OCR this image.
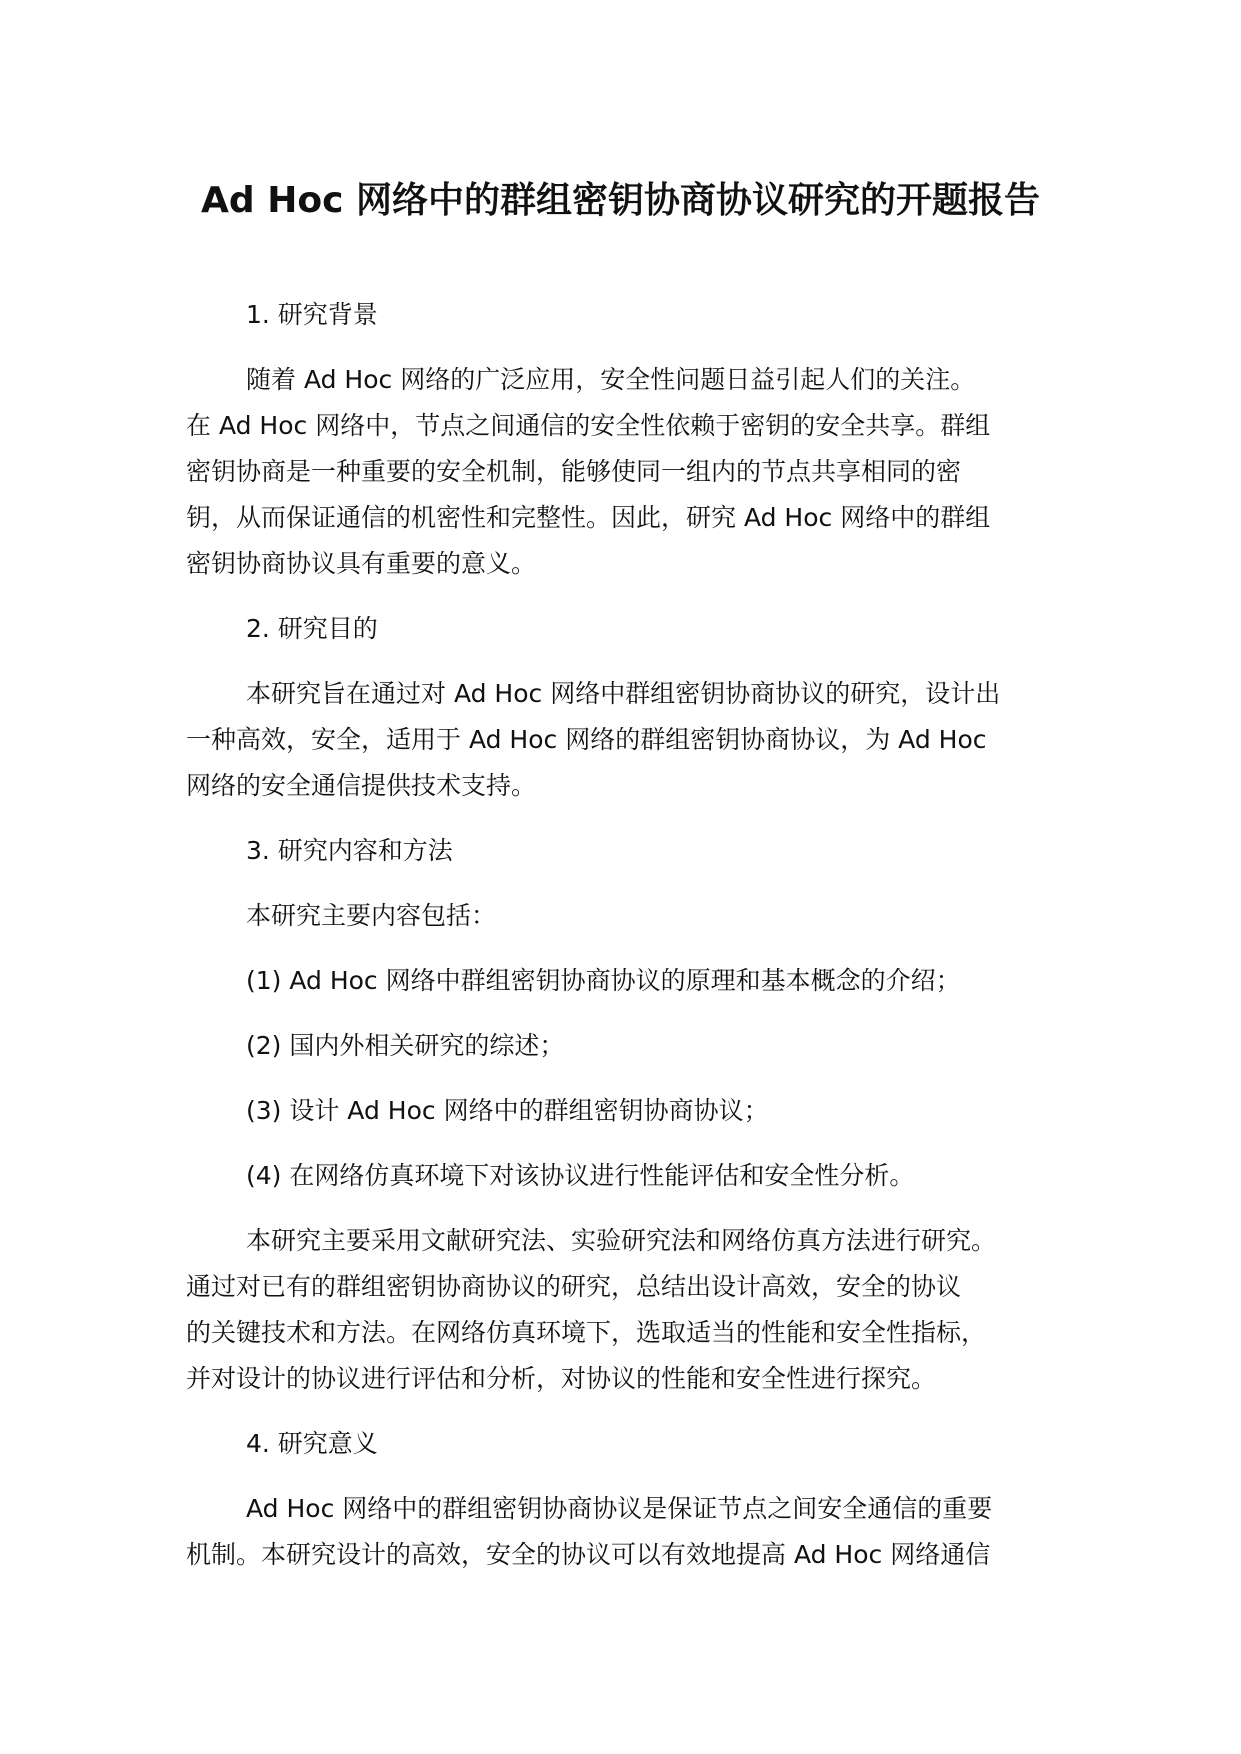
Ad Hoc 网络中的群组密钥协商协议研究的开题报告

1. 研究背景

随着 Ad Hoc 网络的广泛应用，安全性问题日益引起人们的关注。
在 Ad Hoc 网络中，节点之间通信的安全性依赖于密钥的安全共享。群组
密钥协商是一种重要的安全机制，能够使同一组内的节点共享相同的密
钥，从而保证通信的机密性和完整性。因此，研究 Ad Hoc 网络中的群组
密钥协商协议具有重要的意义。

2. 研究目的

本研究旨在通过对 Ad Hoc 网络中群组密钥协商协议的研究，设计出
一种高效，安全，适用于 Ad Hoc 网络的群组密钥协商协议，为 Ad Hoc
网络的安全通信提供技术支持。

3. 研究内容和方法

本研究主要内容包括：

(1) Ad Hoc 网络中群组密钥协商协议的原理和基本概念的介绍；

(2) 国内外相关研究的综述；

(3) 设计 Ad Hoc 网络中的群组密钥协商协议；

(4) 在网络仿真环境下对该协议进行性能评估和安全性分析。

本研究主要采用文献研究法、实验研究法和网络仿真方法进行研究。
通过对已有的群组密钥协商协议的研究，总结出设计高效，安全的协议
的关键技术和方法。在网络仿真环境下，选取适当的性能和安全性指标，
并对设计的协议进行评估和分析，对协议的性能和安全性进行探究。

4. 研究意义

Ad Hoc 网络中的群组密钥协商协议是保证节点之间安全通信的重要
机制。本研究设计的高效，安全的协议可以有效地提高 Ad Hoc 网络通信
